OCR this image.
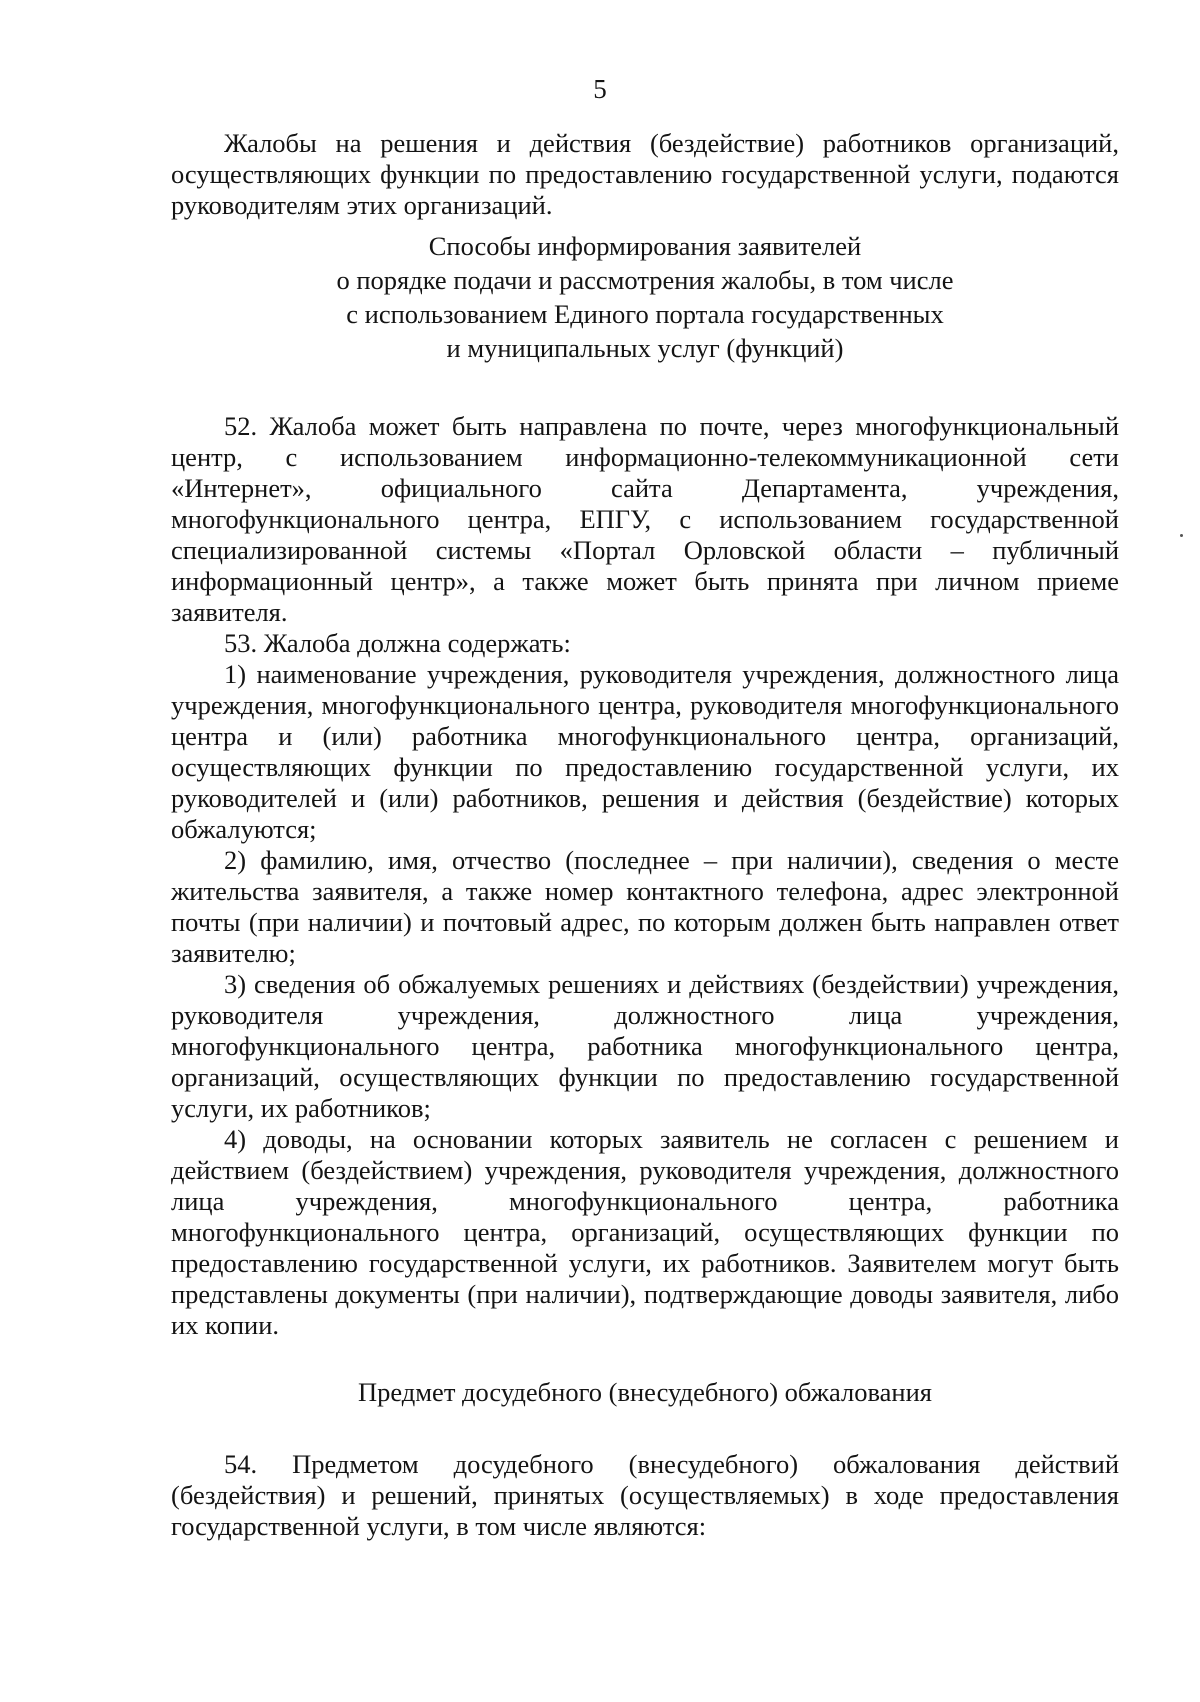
5

Жалобы на решения и действия (бездействие) работников организаций, осуществляющих функции по предоставлению государственной услуги, подаются руководителям этих организаций.

Способы информирования заявителей
о порядке подачи и рассмотрения жалобы, в том числе
с использованием Единого портала государственных
и муниципальных услуг (функций)

52. Жалоба может быть направлена по почте, через многофункциональный центр, с использованием информационно-телекоммуникационной сети «Интернет», официального сайта Департамента, учреждения, многофункционального центра, ЕПГУ, с использованием государственной специализированной системы «Портал Орловской области – публичный информационный центр», а также может быть принята при личном приеме заявителя.

53. Жалоба должна содержать:

1) наименование учреждения, руководителя учреждения, должностного лица учреждения, многофункционального центра, руководителя многофункционального центра и (или) работника многофункционального центра, организаций, осуществляющих функции по предоставлению государственной услуги, их руководителей и (или) работников, решения и действия (бездействие) которых обжалуются;

2) фамилию, имя, отчество (последнее – при наличии), сведения о месте жительства заявителя, а также номер контактного телефона, адрес электронной почты (при наличии) и почтовый адрес, по которым должен быть направлен ответ заявителю;

3) сведения об обжалуемых решениях и действиях (бездействии) учреждения, руководителя учреждения, должностного лица учреждения, многофункционального центра, работника многофункционального центра, организаций, осуществляющих функции по предоставлению государственной услуги, их работников;

4) доводы, на основании которых заявитель не согласен с решением и действием (бездействием) учреждения, руководителя учреждения, должностного лица учреждения, многофункционального центра, работника многофункционального центра, организаций, осуществляющих функции по предоставлению государственной услуги, их работников. Заявителем могут быть представлены документы (при наличии), подтверждающие доводы заявителя, либо их копии.

Предмет досудебного (внесудебного) обжалования

54. Предметом досудебного (внесудебного) обжалования действий (бездействия) и решений, принятых (осуществляемых) в ходе предоставления государственной услуги, в том числе являются:
